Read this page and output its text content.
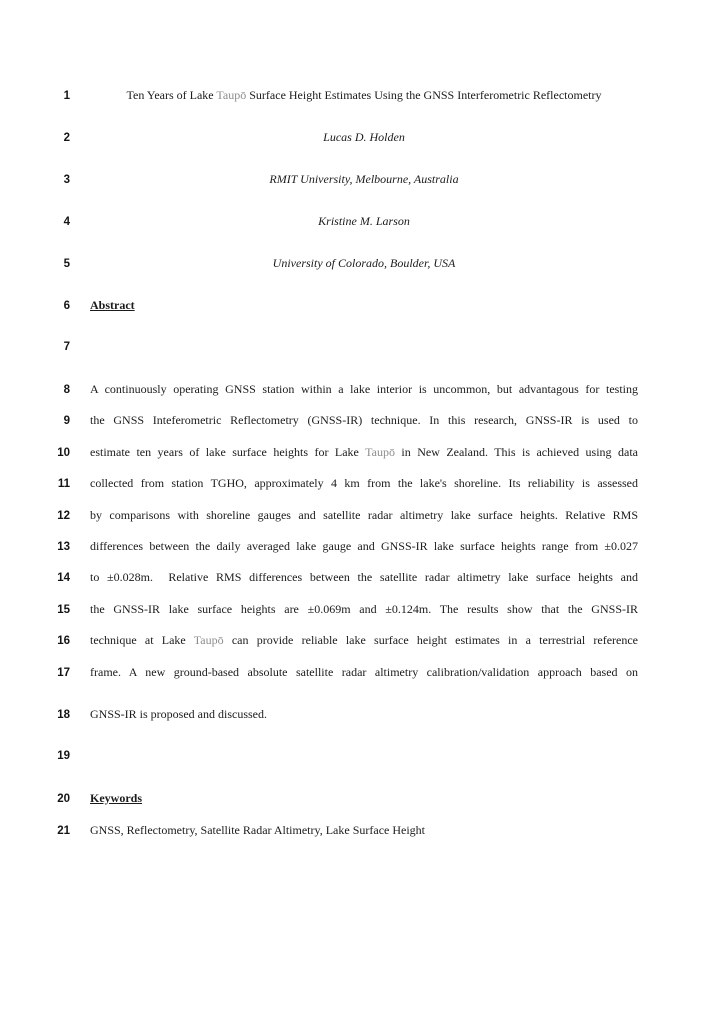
1	Ten Years of Lake Taupō Surface Height Estimates Using the GNSS Interferometric Reflectometry
2	Lucas D. Holden
3	RMIT University, Melbourne, Australia
4	Kristine M. Larson
5	University of Colorado, Boulder, USA
6 Abstract
7
8 A continuously operating GNSS station within a lake interior is uncommon, but advantagous for testing
9 the GNSS Inteferometric Reflectometry (GNSS-IR) technique. In this research, GNSS-IR is used to
10 estimate ten years of lake surface heights for Lake Taupō in New Zealand. This is achieved using data
11 collected from station TGHO, approximately 4 km from the lake's shoreline. Its reliability is assessed
12 by comparisons with shoreline gauges and satellite radar altimetry lake surface heights. Relative RMS
13 differences between the daily averaged lake gauge and GNSS-IR lake surface heights range from ±0.027
14 to ±0.028m.  Relative RMS differences between the satellite radar altimetry lake surface heights and
15 the GNSS-IR lake surface heights are ±0.069m and ±0.124m. The results show that the GNSS-IR
16 technique at Lake Taupō can provide reliable lake surface height estimates in a terrestrial reference
17 frame. A new ground-based absolute satellite radar altimetry calibration/validation approach based on
18 GNSS-IR is proposed and discussed.
19
20 Keywords
21 GNSS, Reflectometry, Satellite Radar Altimetry, Lake Surface Height
